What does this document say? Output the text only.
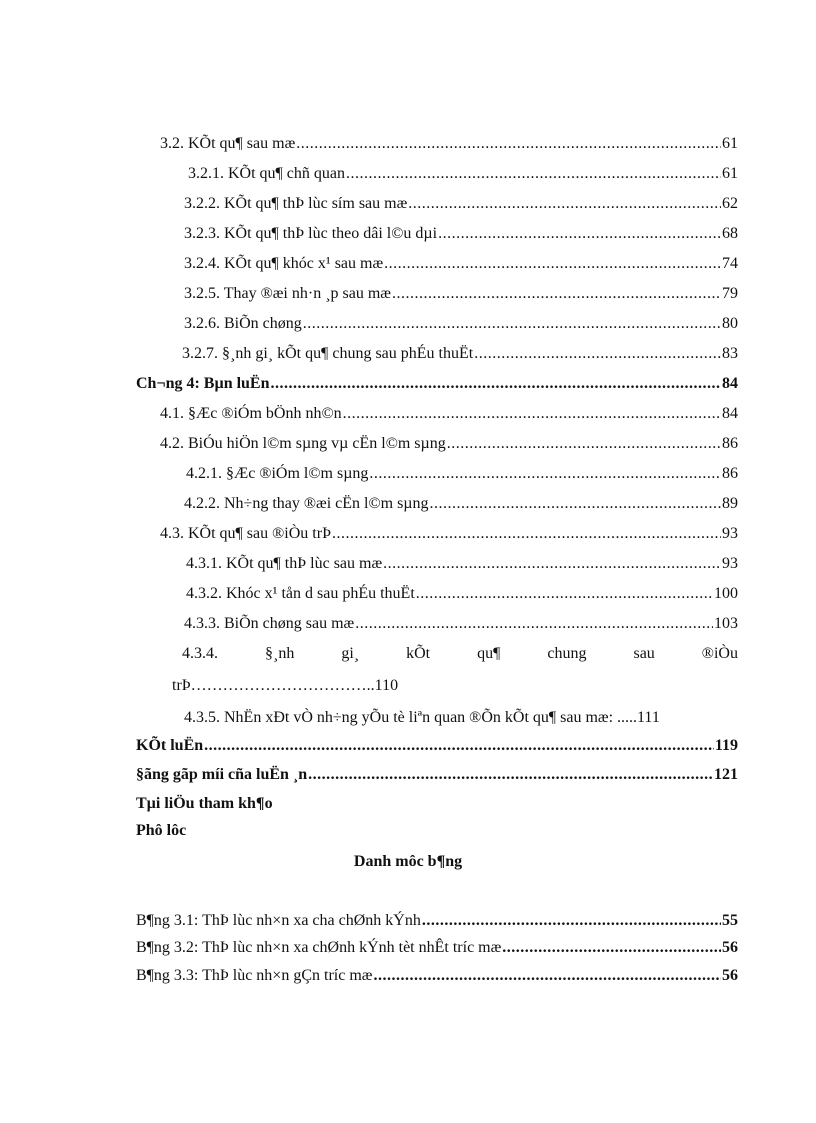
3.2. KÕt qu¶ sau mæ .....	61
3.2.1. KÕt qu¶ chñ quan .....	61
3.2.2. KÕt qu¶ thÞ lùc sím sau mæ .....	62
3.2.3. KÕt qu¶ thÞ lùc theo dâi l©u dµi .....	68
3.2.4. KÕt qu¶ khóc x¹ sau mæ .....	74
3.2.5. Thay ®æi nh·n ¸p sau mæ .....	79
3.2.6. BiÕn chøng .....	80
3.2.7. §¸nh gi¸ kÕt qu¶ chung sau phÉu thuËt .....	83
Ch¬ng 4: Bµn luËn .....	84
4.1. §Æc ®iÓm bÖnh nh©n .....	84
4.2. BiÓu hiÖn l©m sµng vµ cËn l©m sµng .....	86
4.2.1. §Æc ®iÓm l©m sµng .....	86
4.2.2. Nh÷ng thay ®æi cËn l©m sµng .....	89
4.3. KÕt qu¶ sau ®iÒu trÞ .....	93
4.3.1. KÕt qu¶ thÞ lùc sau mæ .....	93
4.3.2. Khóc x¹ tån d sau phÉu thuËt .....	100
4.3.3. BiÕn chøng sau mæ .....	103
4.3.4.	§¸nh	gi¸	kÕt	qu¶	chung	sau	®iÒu
trÞ……………………………..110
4.3.5. NhËn xÐt vÒ nh÷ng yÕu tè liªn quan ®Õn kÕt qu¶ sau mæ: .....111
KÕt luËn .....	119
§ãng gãp míi cña luËn ¸n .....	121
Tµi liÖu tham kh¶o
Phô lôc
Danh môc b¶ng
B¶ng 3.1: ThÞ lùc nh×n xa cha chØnh kÝnh .....	55
B¶ng 3.2: ThÞ lùc nh×n xa chØnh kÝnh tèt nhÊt tríc mæ .....	56
B¶ng 3.3: ThÞ lùc nh×n gÇn tríc mæ .....	56
